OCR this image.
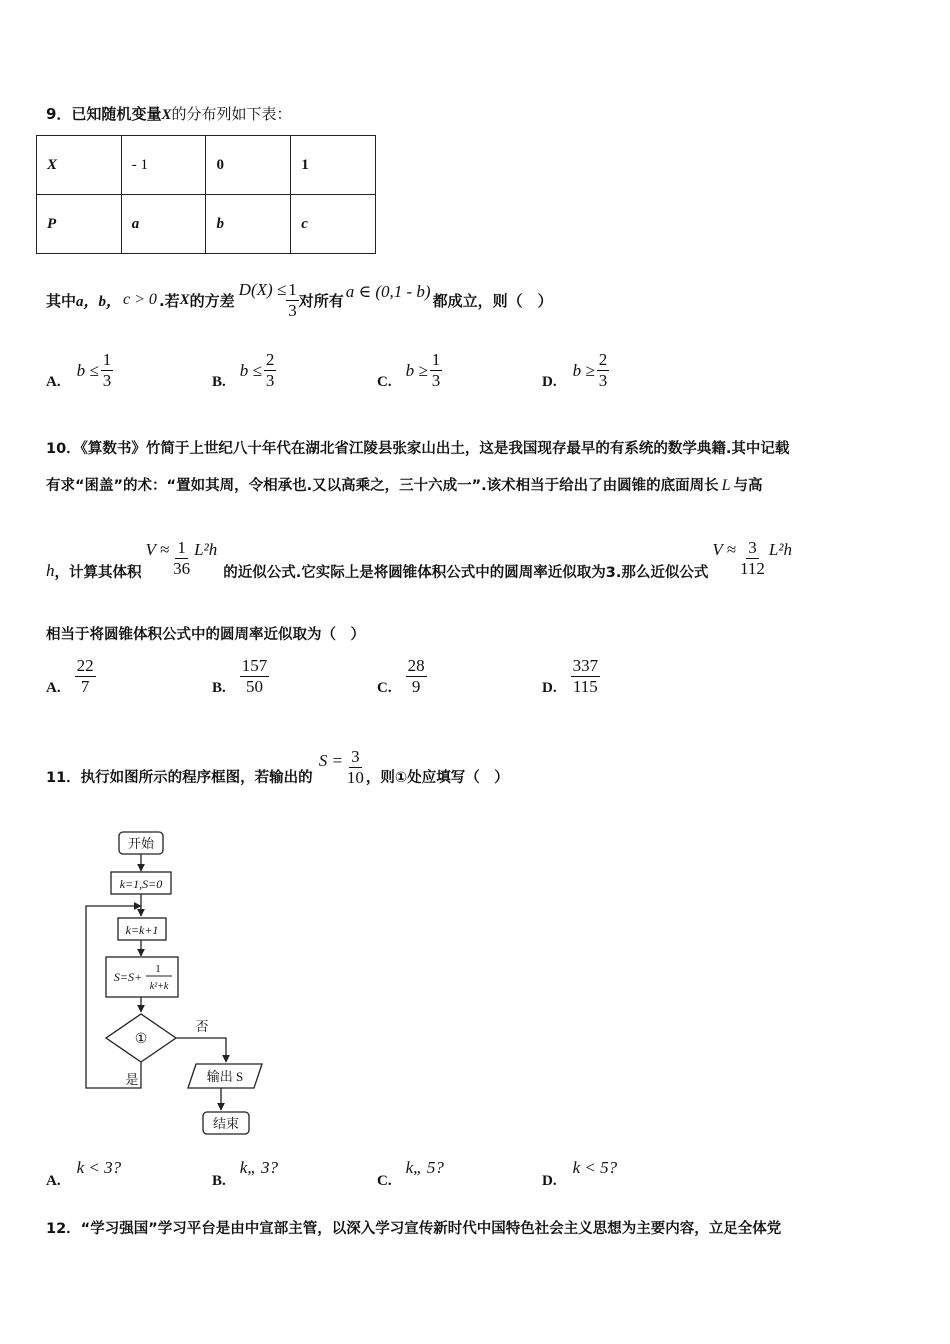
9．已知随机变量X的分布列如下表：
X	- 1	0	1
P	a	b	c
其中 a，b， c > 0 .若 X 的方差
$D(X) \le \frac{1}{3}$ 对所有 a ∈ (0,1 - b) 都成立，则（　）
A.
$b \le \frac{1}{3}$	B.
$b \le \frac{2}{3}$	C.
$b \ge \frac{1}{3}$	D.
$b \ge \frac{2}{3}$
10．《算数书》竹简于上世纪八十年代在湖北省江陵县张家山出土，这是我国现存最早的有系统的数学典籍.其中记载
有求“囷盖”的术：“置如其周，令相承也.又以高乘之，三十六成一”.该术相当于给出了由圆锥的底面周长 L 与高
h ，计算其体积
$V \approx \frac{1}{36} L^2h$
的近似公式.它实际上是将圆锥体积公式中的圆周率近似取为3.那么近似公式
$V \approx \frac{3}{112} L^2h$
相当于将圆锥体积公式中的圆周率近似取为（　）
A. $\frac{22}{7}$	B. $\frac{157}{50}$	C. $\frac{28}{9}$	D. $\frac{337}{115}$
11．执行如图所示的程序框图，若输出的
$S = \frac{3}{10}$ ，则①处应填写（　）
开始
k=1,S=0
k=k+1
S=S+
1
k²+k
①
否
是	输出 S
结束
A.
k < 3?
B.
k„ 3?
C.
k„ 5?
D.
k < 5?
12．“学习强国”学习平台是由中宣部主管，以深入学习宣传新时代中国特色社会主义思想为主要内容，立足全体党
